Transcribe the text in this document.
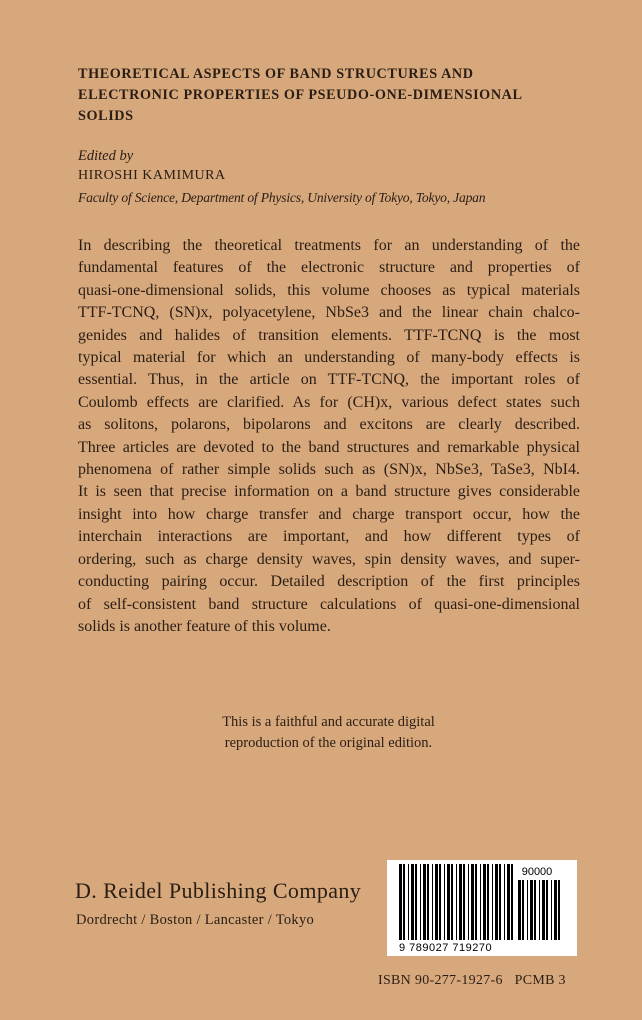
THEORETICAL ASPECTS OF BAND STRUCTURES AND
ELECTRONIC PROPERTIES OF PSEUDO-ONE-DIMENSIONAL
SOLIDS
Edited by
HIROSHI KAMIMURA
Faculty of Science, Department of Physics, University of Tokyo, Tokyo, Japan
In describing the theoretical treatments for an understanding of the
fundamental features of the electronic structure and properties of
quasi-one-dimensional solids, this volume chooses as typical materials
TTF-TCNQ, (SN)x, polyacetylene, NbSe3 and the linear chain chalco-
genides and halides of transition elements. TTF-TCNQ is the most
typical material for which an understanding of many-body effects is
essential. Thus, in the article on TTF-TCNQ, the important roles of
Coulomb effects are clarified. As for (CH)x, various defect states such
as solitons, polarons, bipolarons and excitons are clearly described.
Three articles are devoted to the band structures and remarkable physical
phenomena of rather simple solids such as (SN)x, NbSe3, TaSe3, NbI4.
It is seen that precise information on a band structure gives considerable
insight into how charge transfer and charge transport occur, how the
interchain interactions are important, and how different types of
ordering, such as charge density waves, spin density waves, and super-
conducting pairing occur. Detailed description of the first principles
of self-consistent band structure calculations of quasi-one-dimensional
solids is another feature of this volume.
This is a faithful and accurate digital
reproduction of the original edition.
D. Reidel Publishing Company
Dordrecht / Boston / Lancaster / Tokyo
90000
9 789027 719270
ISBN 90-277-1927-6 PCMB 3
